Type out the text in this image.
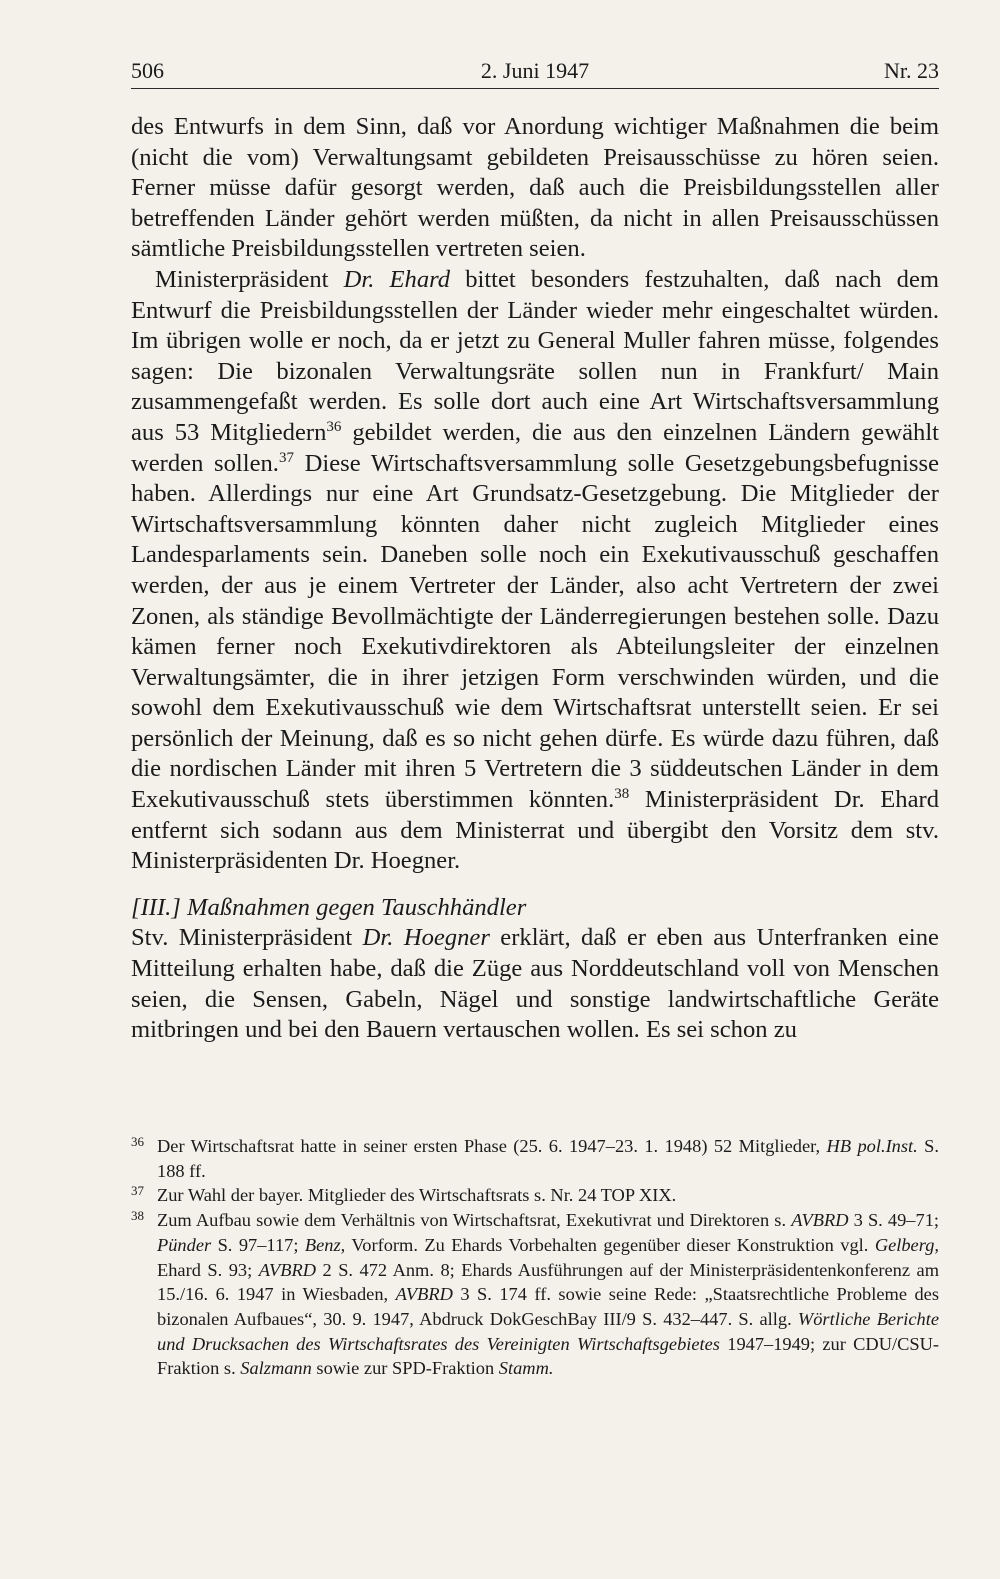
506	2. Juni 1947	Nr. 23

des Entwurfs in dem Sinn, daß vor Anordung wichtiger Maßnahmen die beim (nicht die vom) Verwaltungsamt gebildeten Preisausschüsse zu hören seien. Ferner müsse dafür gesorgt werden, daß auch die Preisbildungsstellen aller betreffenden Länder gehört werden müßten, da nicht in allen Preisausschüssen sämtliche Preisbildungsstellen vertreten seien.

Ministerpräsident Dr. Ehard bittet besonders festzuhalten, daß nach dem Entwurf die Preisbildungsstellen der Länder wieder mehr eingeschaltet würden. Im übrigen wolle er noch, da er jetzt zu General Muller fahren müsse, folgendes sagen: Die bizonalen Verwaltungsräte sollen nun in Frankfurt/ Main zusammengefaßt werden. Es solle dort auch eine Art Wirtschaftsversammlung aus 53 Mitgliedern$^{36}$ gebildet werden, die aus den einzelnen Ländern gewählt werden sollen.$^{37}$ Diese Wirtschaftsversammlung solle Gesetzgebungsbefugnisse haben. Allerdings nur eine Art Grundsatz-Gesetzgebung. Die Mitglieder der Wirtschaftsversammlung könnten daher nicht zugleich Mitglieder eines Landesparlaments sein. Daneben solle noch ein Exekutivausschuß geschaffen werden, der aus je einem Vertreter der Länder, also acht Vertretern der zwei Zonen, als ständige Bevollmächtigte der Länderregierungen bestehen solle. Dazu kämen ferner noch Exekutivdirektoren als Abteilungsleiter der einzelnen Verwaltungsämter, die in ihrer jetzigen Form verschwinden würden, und die sowohl dem Exekutivausschuß wie dem Wirtschaftsrat unterstellt seien. Er sei persönlich der Meinung, daß es so nicht gehen dürfe. Es würde dazu führen, daß die nordischen Länder mit ihren 5 Vertretern die 3 süddeutschen Länder in dem Exekutivausschuß stets überstimmen könnten.$^{38}$ Ministerpräsident Dr. Ehard entfernt sich sodann aus dem Ministerrat und übergibt den Vorsitz dem stv. Ministerpräsidenten Dr. Hoegner.

[III.] Maßnahmen gegen Tauschhändler

Stv. Ministerpräsident Dr. Hoegner erklärt, daß er eben aus Unterfranken eine Mitteilung erhalten habe, daß die Züge aus Norddeutschland voll von Menschen seien, die Sensen, Gabeln, Nägel und sonstige landwirtschaftliche Geräte mitbringen und bei den Bauern vertauschen wollen. Es sei schon zu

36 Der Wirtschaftsrat hatte in seiner ersten Phase (25. 6. 1947–23. 1. 1948) 52 Mitglieder, HB pol.Inst. S. 188 ff.
37 Zur Wahl der bayer. Mitglieder des Wirtschaftsrats s. Nr. 24 TOP XIX.
38 Zum Aufbau sowie dem Verhältnis von Wirtschaftsrat, Exekutivrat und Direktoren s. AVBRD 3 S. 49–71; Pünder S. 97–117; Benz, Vorform. Zu Ehards Vorbehalten gegenüber dieser Konstruktion vgl. Gelberg, Ehard S. 93; AVBRD 2 S. 472 Anm. 8; Ehards Ausführungen auf der Ministerpräsidentenkonferenz am 15./16. 6. 1947 in Wiesbaden, AVBRD 3 S. 174 ff. sowie seine Rede: „Staatsrechtliche Probleme des bizonalen Aufbaues“, 30. 9. 1947, Abdruck DokGeschBay III/9 S. 432–447. S. allg. Wörtliche Berichte und Drucksachen des Wirtschaftsrates des Vereinigten Wirtschaftsgebietes 1947–1949; zur CDU/CSU-Fraktion s. Salzmann sowie zur SPD-Fraktion Stamm.
